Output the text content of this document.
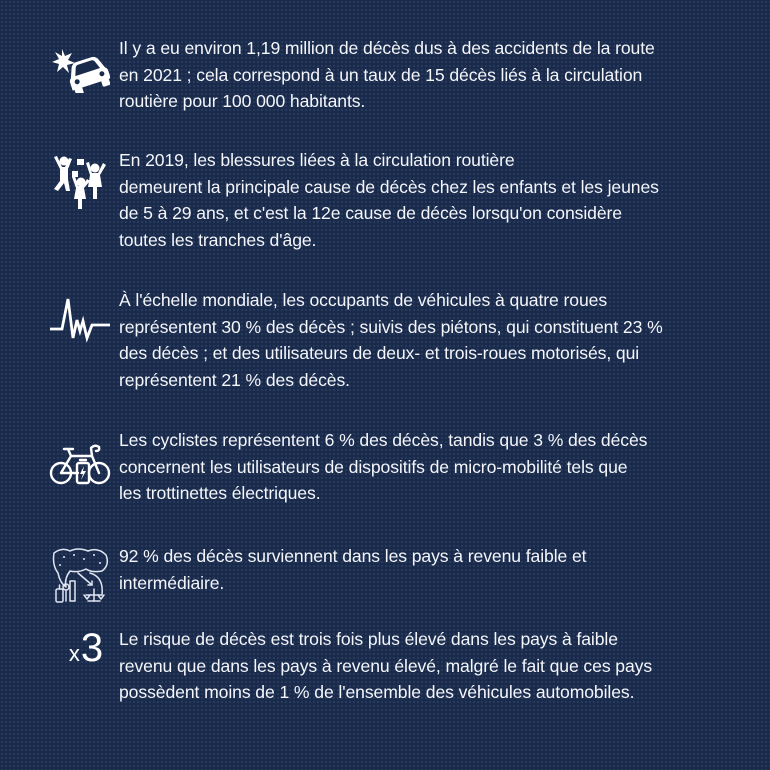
Il y a eu environ 1,19 million de décès dus à des accidents de la route
en 2021 ; cela correspond à un taux de 15 décès liés à la circulation
routière pour 100 000 habitants.
En 2019, les blessures liées à la circulation routière
demeurent la principale cause de décès chez les enfants et les jeunes
de 5 à 29 ans, et c'est la 12e cause de décès lorsqu'on considère
toutes les tranches d'âge.
À l'échelle mondiale, les occupants de véhicules à quatre roues
représentent 30 % des décès ; suivis des piétons, qui constituent 23 %
des décès ; et des utilisateurs de deux- et trois-roues motorisés, qui
représentent 21 % des décès.
Les cyclistes représentent 6 % des décès, tandis que 3 % des décès
concernent les utilisateurs de dispositifs de micro-mobilité tels que
les trottinettes électriques.
92 % des décès surviennent dans les pays à revenu faible et
intermédiaire.
x 3 Le risque de décès est trois fois plus élevé dans les pays à faible
revenu que dans les pays à revenu élevé, malgré le fait que ces pays
possèdent moins de 1 % de l'ensemble des véhicules automobiles.
